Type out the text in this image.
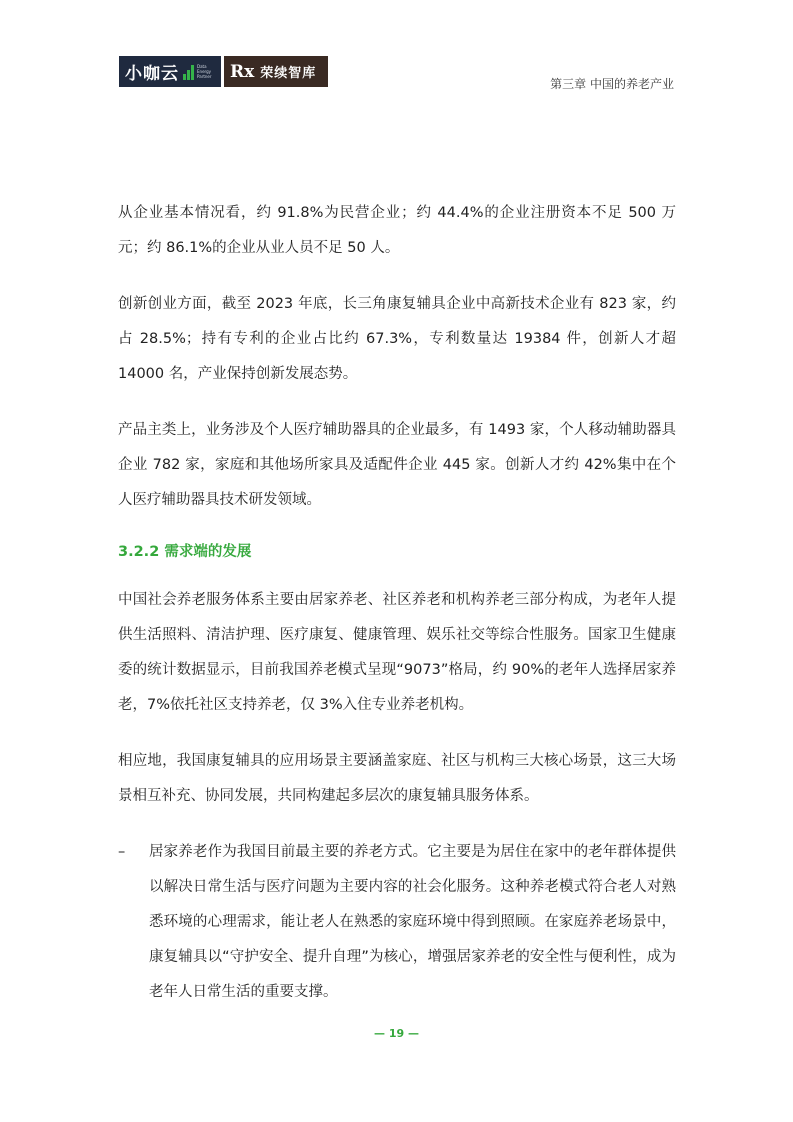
小咖云	Data Energy Partner	Rx 荣续智库
第三章 中国的养老产业

从企业基本情况看，约 91.8%为民营企业；约 44.4%的企业注册资本不足 500 万元；约 86.1%的企业从业人员不足 50 人。

创新创业方面，截至 2023 年底，长三角康复辅具企业中高新技术企业有 823 家，约占 28.5%；持有专利的企业占比约 67.3%，专利数量达 19384 件，创新人才超 14000 名，产业保持创新发展态势。

产品主类上，业务涉及个人医疗辅助器具的企业最多，有 1493 家，个人移动辅助器具企业 782 家，家庭和其他场所家具及适配件企业 445 家。创新人才约 42%集中在个人医疗辅助器具技术研发领域。

3.2.2 需求端的发展

中国社会养老服务体系主要由居家养老、社区养老和机构养老三部分构成，为老年人提供生活照料、清洁护理、医疗康复、健康管理、娱乐社交等综合性服务。国家卫生健康委的统计数据显示，目前我国养老模式呈现“9073”格局，约 90%的老年人选择居家养老，7%依托社区支持养老，仅 3%入住专业养老机构。

相应地，我国康复辅具的应用场景主要涵盖家庭、社区与机构三大核心场景，这三大场景相互补充、协同发展，共同构建起多层次的康复辅具服务体系。

–	居家养老作为我国目前最主要的养老方式。它主要是为居住在家中的老年群体提供以解决日常生活与医疗问题为主要内容的社会化服务。这种养老模式符合老人对熟悉环境的心理需求，能让老人在熟悉的家庭环境中得到照顾。在家庭养老场景中，康复辅具以“守护安全、提升自理”为核心，增强居家养老的安全性与便利性，成为老年人日常生活的重要支撑。

— 19 —
